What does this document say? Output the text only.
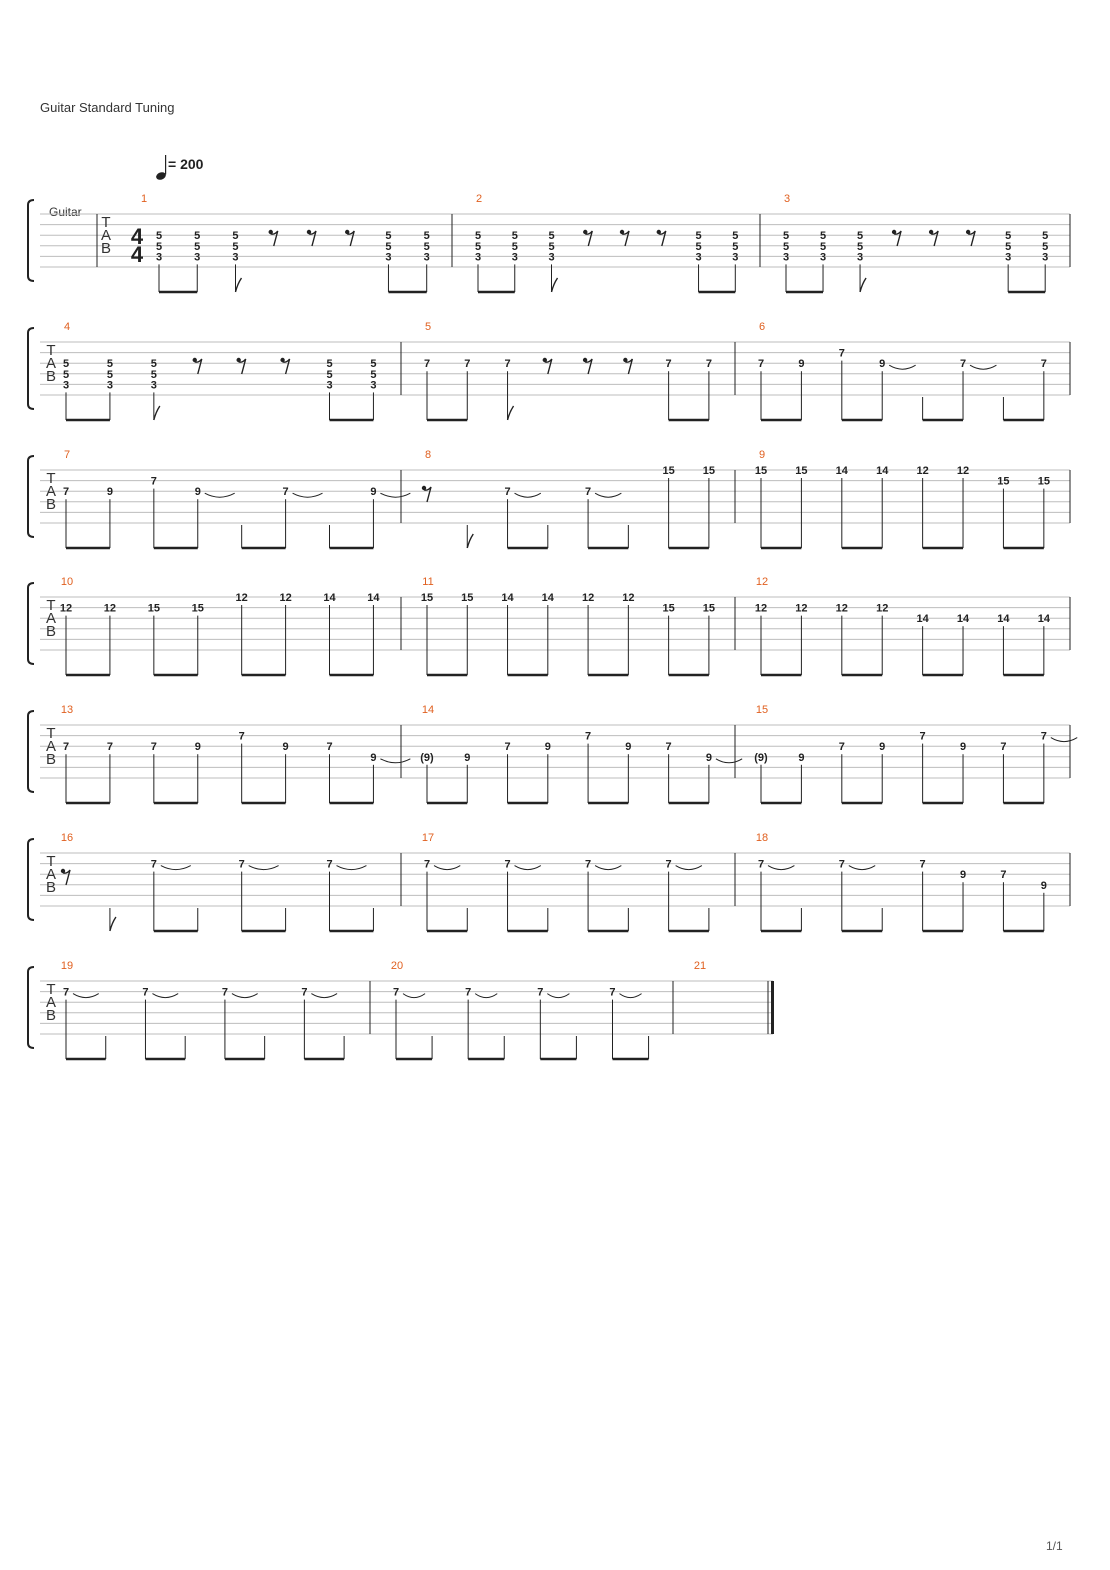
Guitar Standard Tuning
= 200
Guitar
T
A
B 4
4
1
5
5
3
5
5
3
5
5
3
5
5
3
5
5
3
2
5
5
3
5
5
3
5
5
3
5
5
3
5
5
3
3
5
5
3
5
5
3
5
5
3
5
5
3
5
5
3
T
A
B
4
5
5
3
5
5
3
5
5
3
5
5
3
5
5
3
5
7	7	7	7	7
6
7	9
7
9	7	7
T
A
B
7
7	9
7
9	7	9
8
7	7
15	15
9
15	15	14	14	12	12
15	15
T
A
B
10
12	12	15	15
12	12	14	14
11
15	15	14	14	12	12
15	15
12
12	12	12	12
14	14	14	14
T
A
B
13
7	7	7	9
7
9	7
9
14
(9)	9
7	9
7
9	7
9
15
(9)	9
7	9
7
9	7
7
T
A
B
16
7	7	7
17
7	7	7	7
18
7	7	7
9	7
9
T
A
B
19
7	7	7	7
20
7	7	7	7
21
1/1
